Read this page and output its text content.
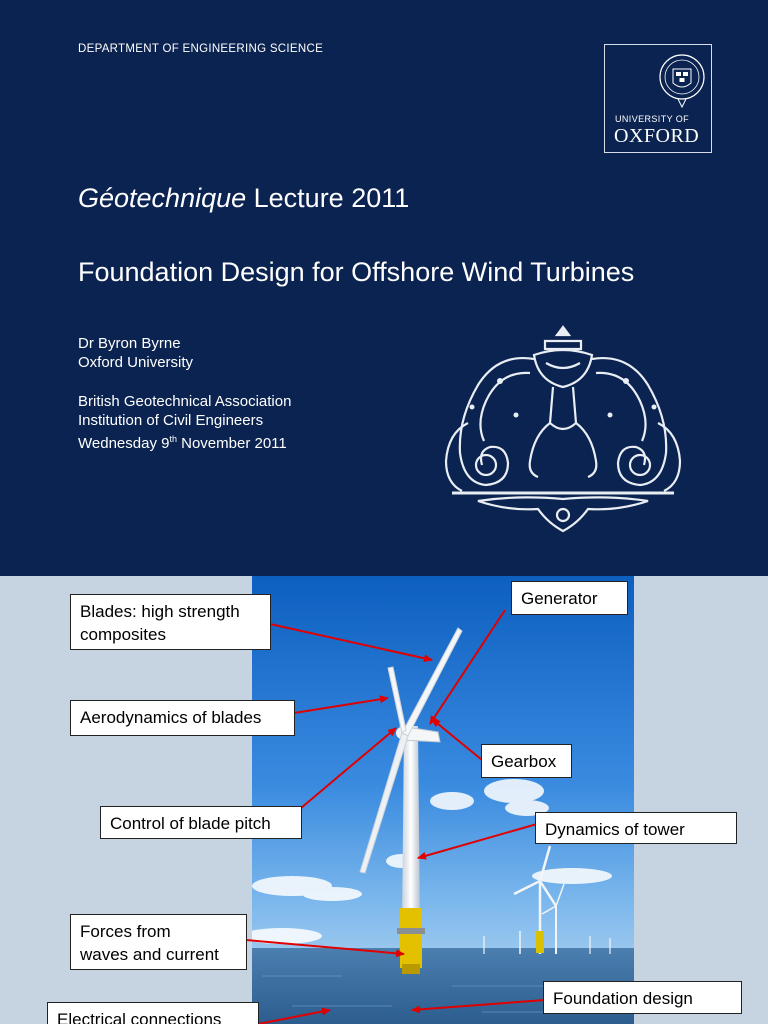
DEPARTMENT OF ENGINEERING SCIENCE
UNIVERSITY OF
OXFORD
Géotechnique Lecture 2011
Foundation Design for Offshore Wind Turbines
Dr Byron Byrne
Oxford University
British Geotechnical Association
Institution of Civil Engineers
Wednesday 9th November 2011
Blades: high strength
composites
Aerodynamics of blades
Control of blade pitch
Forces from
waves and current
Electrical connections
Generator
Gearbox
Dynamics of tower
Foundation design
